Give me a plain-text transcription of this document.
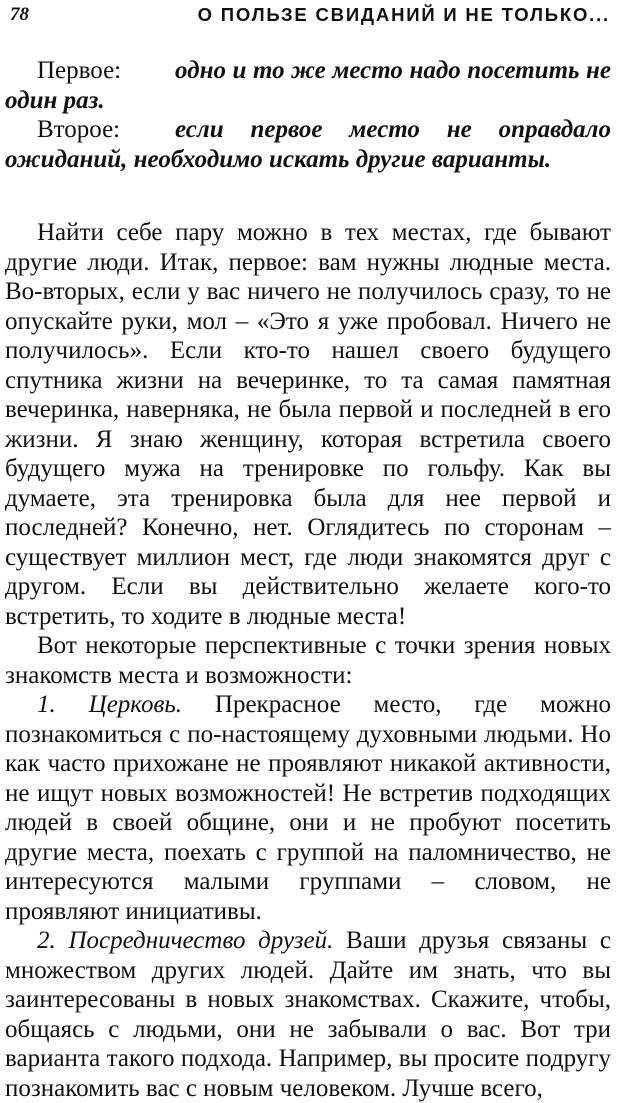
78	О ПОЛЬЗЕ СВИДАНИЙ И НЕ ТОЛЬКО...

Первое: одно и то же место надо посетить не один раз.

Второе: если первое место не оправдало ожиданий, необходимо искать другие варианты.

Найти себе пару можно в тех местах, где бывают другие люди. Итак, первое: вам нужны людные места. Во-вторых, если у вас ничего не получилось сразу, то не опускайте руки, мол – «Это я уже пробовал. Ничего не получилось». Если кто-то нашел своего будущего спутника жизни на вечеринке, то та самая памятная вечеринка, наверняка, не была первой и последней в его жизни. Я знаю женщину, которая встретила своего будущего мужа на тренировке по гольфу. Как вы думаете, эта тренировка была для нее первой и последней? Конечно, нет. Оглядитесь по сторонам – существует миллион мест, где люди знакомятся друг с другом. Если вы действительно желаете кого-то встретить, то ходите в людные места!

Вот некоторые перспективные с точки зрения новых знакомств места и возможности:

1. Церковь. Прекрасное место, где можно познакомиться с по-настоящему духовными людьми. Но как часто прихожане не проявляют никакой активности, не ищут новых возможностей! Не встретив подходящих людей в своей общине, они и не пробуют посетить другие места, поехать с группой на паломничество, не интересуются малыми группами – словом, не проявляют инициативы.

2. Посредничество друзей. Ваши друзья связаны с множеством других людей. Дайте им знать, что вы заинтересованы в новых знакомствах. Скажите, чтобы, общаясь с людьми, они не забывали о вас. Вот три варианта такого подхода. Например, вы просите подругу познакомить вас с новым человеком. Лучше всего,
